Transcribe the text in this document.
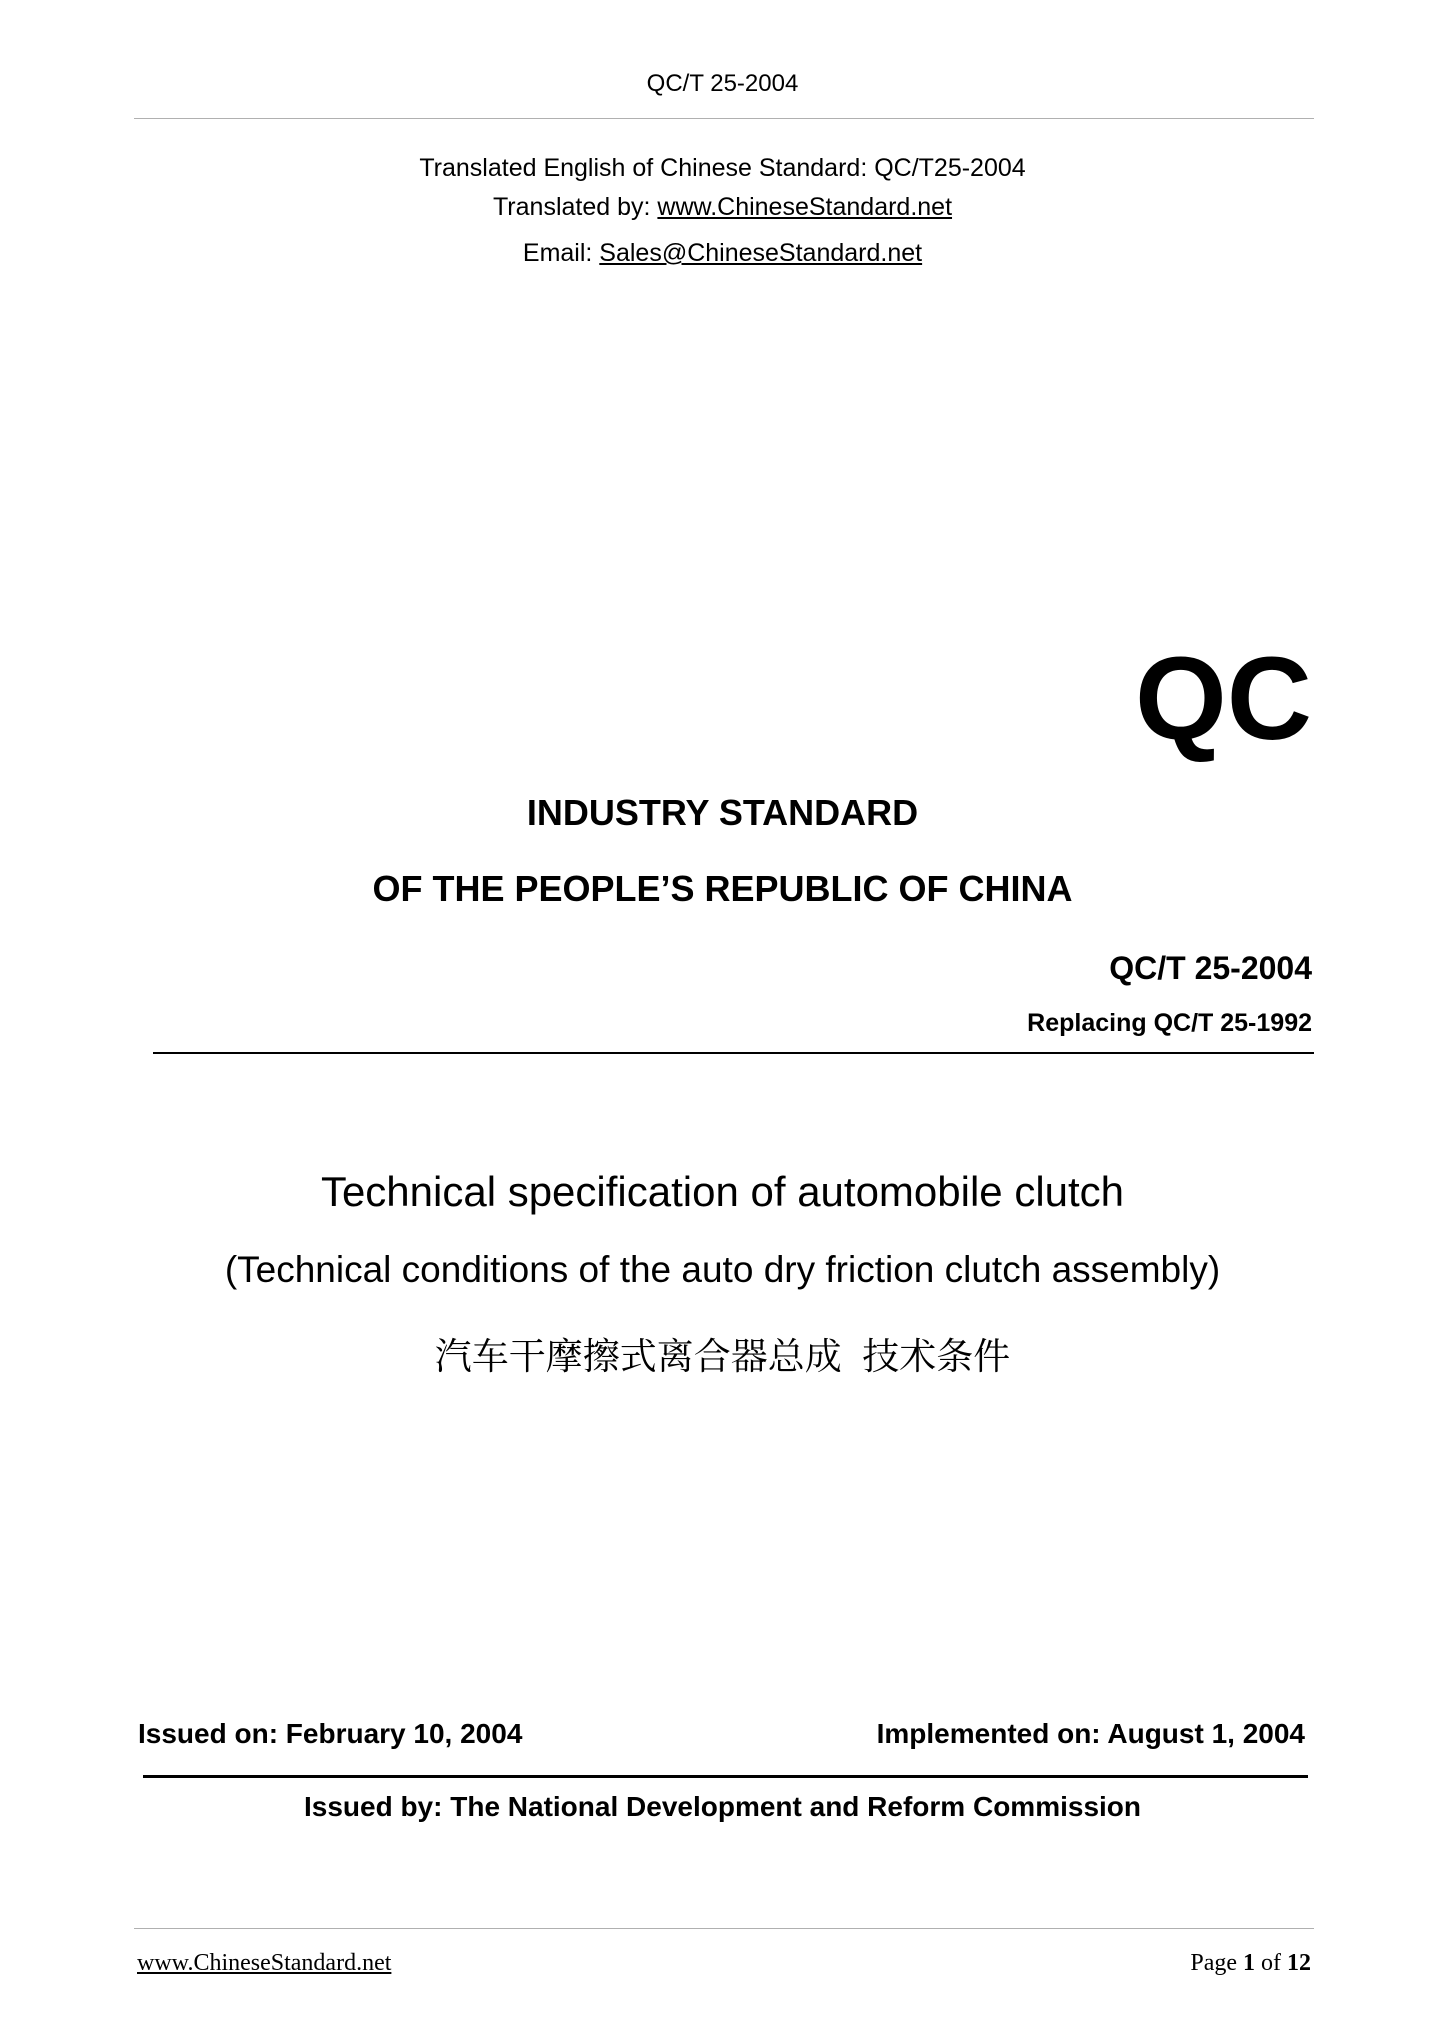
QC/T 25-2004
Translated English of Chinese Standard: QC/T25-2004
Translated by: www.ChineseStandard.net
Email: Sales@ChineseStandard.net
QC
INDUSTRY STANDARD
OF THE PEOPLE’S REPUBLIC OF CHINA
QC/T 25-2004
Replacing QC/T 25-1992
Technical specification of automobile clutch
(Technical conditions of the auto dry friction clutch assembly)
汽车干摩擦式离合器总成  技术条件
Issued on: February 10, 2004	Implemented on: August 1, 2004
Issued by: The National Development and Reform Commission
www.ChineseStandard.net	Page 1 of 12
